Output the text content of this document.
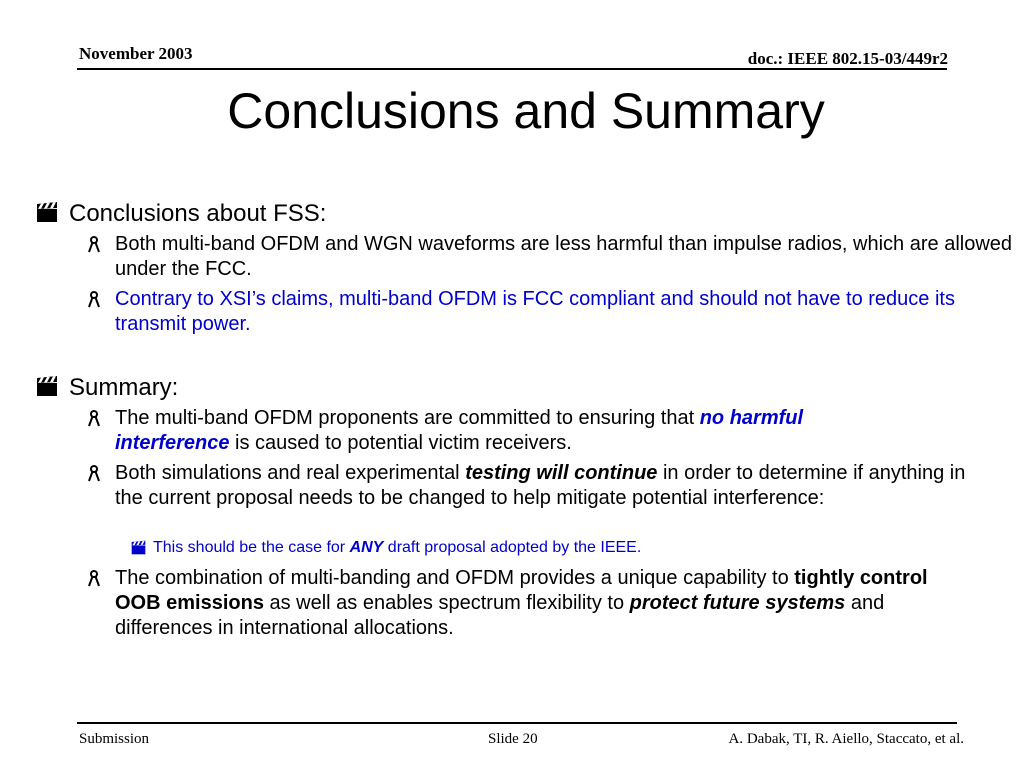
November 2003	doc.: IEEE 802.15-03/449r2
Conclusions and Summary
Conclusions about FSS:
Both multi-band OFDM and WGN waveforms are less harmful than impulse radios, which are allowed under the FCC.
Contrary to XSI’s claims, multi-band OFDM is FCC compliant and should not have to reduce its transmit power.
Summary:
The multi-band OFDM proponents are committed to ensuring that no harmful interference is caused to potential victim receivers.
Both simulations and real experimental testing will continue in order to determine if anything in the current proposal needs to be changed to help mitigate potential interference:
This should be the case for ANY draft proposal adopted by the IEEE.
The combination of multi-banding and OFDM provides a unique capability to tightly control OOB emissions as well as enables spectrum flexibility to protect future systems and differences in international allocations.
Submission	Slide 20	A. Dabak, TI, R. Aiello, Staccato, et al.
